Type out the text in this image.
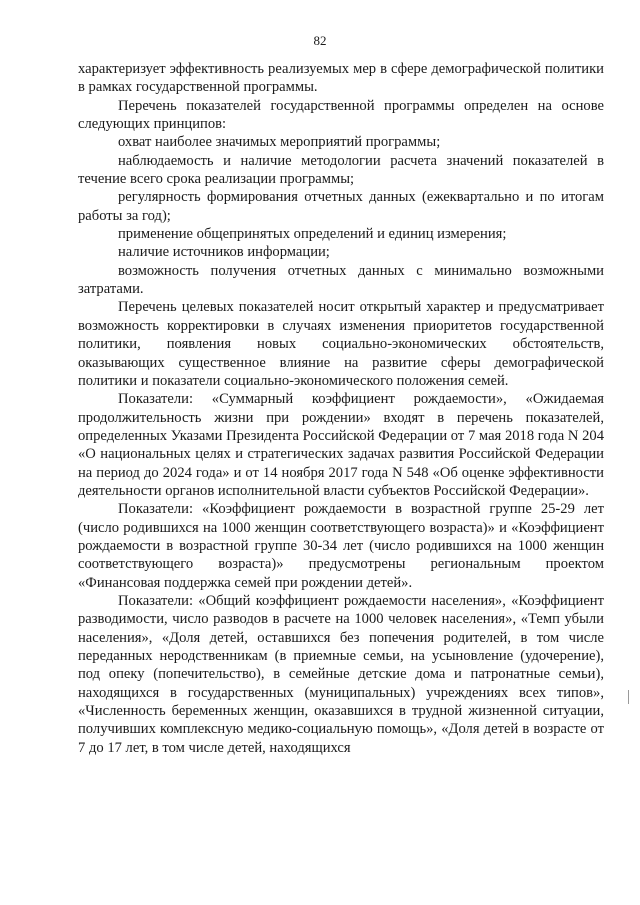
82

характеризует эффективность реализуемых мер в сфере демографической политики в рамках государственной программы.

Перечень показателей государственной программы определен на основе следующих принципов:

охват наиболее значимых мероприятий программы;

наблюдаемость и наличие методологии расчета значений показателей в течение всего срока реализации программы;

регулярность формирования отчетных данных (ежеквартально и по итогам работы за год);

применение общепринятых определений и единиц измерения;

наличие источников информации;

возможность получения отчетных данных с минимально возможными затратами.

Перечень целевых показателей носит открытый характер и предусматривает возможность корректировки в случаях изменения приоритетов государственной политики, появления новых социально-экономических обстоятельств, оказывающих существенное влияние на развитие сферы демографической политики и показатели социально-экономического положения семей.

Показатели: «Суммарный коэффициент рождаемости», «Ожидаемая продолжительность жизни при рождении» входят в перечень показателей, определенных Указами Президента Российской Федерации от 7 мая 2018 года N 204 «О национальных целях и стратегических задачах развития Российской Федерации на период до 2024 года» и от 14 ноября 2017 года N 548 «Об оценке эффективности деятельности органов исполнительной власти субъектов Российской Федерации».

Показатели: «Коэффициент рождаемости в возрастной группе 25-29 лет (число родившихся на 1000 женщин соответствующего возраста)» и «Коэффициент рождаемости в возрастной группе 30-34 лет (число родившихся на 1000 женщин соответствующего возраста)» предусмотрены региональным проектом «Финансовая поддержка семей при рождении детей».

Показатели: «Общий коэффициент рождаемости населения», «Коэффициент разводимости, число разводов в расчете на 1000 человек населения», «Темп убыли населения», «Доля детей, оставшихся без попечения родителей, в том числе переданных неродственникам (в приемные семьи, на усыновление (удочерение), под опеку (попечительство), в семейные детские дома и патронатные семьи), находящихся в государственных (муниципальных) учреждениях всех типов», «Численность беременных женщин, оказавшихся в трудной жизненной ситуации, получивших комплексную медико-социальную помощь», «Доля детей в возрасте от 7 до 17 лет, в том числе детей, находящихся
